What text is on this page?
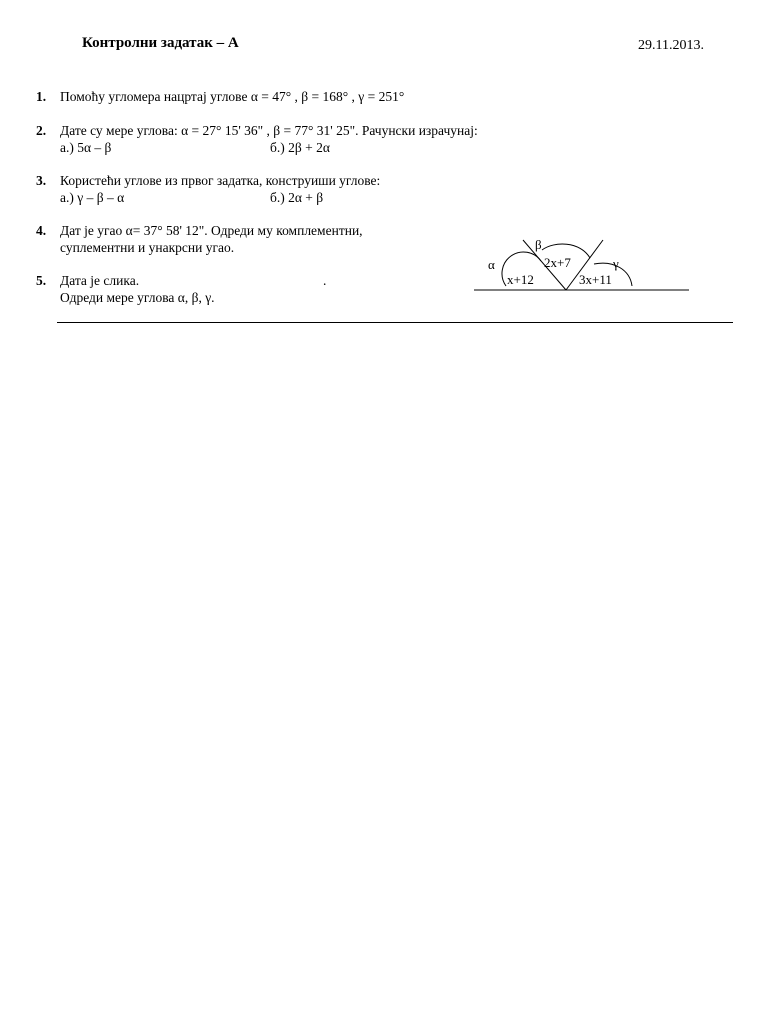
Контролни задатак – А	29.11.2013.
1.	Помоћу угломера нацртај углове α = 47° , β = 168° , γ = 251°
2.	Дате су мере углова: α = 27° 15' 36" , β = 77° 31' 25". Рачунски израчунај:
а.) 5α – β	б.) 2β + 2α
3.	Користећи углове из првог задатка, конструиши углове:
а.) γ – β – α	б.) 2α + β
4.	Дат је угао α= 37° 58' 12". Одреди му комплементни,
суплементни и унакрсни угао.
5.	Дата је слика.	.
Одреди мере углова α, β, γ.
α
β
γ
2x+7
x+12	3x+11
